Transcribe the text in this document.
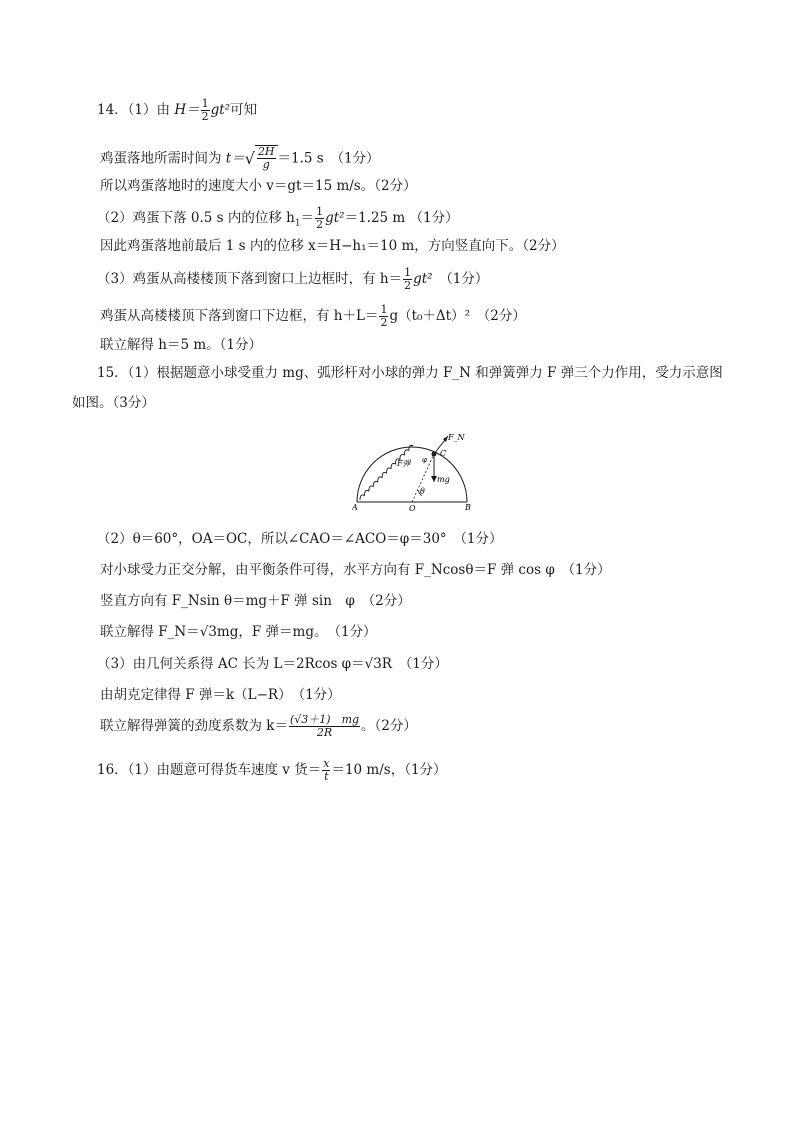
14．（1）由 $H= \frac{1}{2} gt^2$可知
鸡蛋落地所需时间为 t＝ √ $\frac{2H}{g} =1.5$ s　（1分）
所以鸡蛋落地时的速度大小 v＝gt＝15 m/s。（2分）
（2）鸡蛋下落 0.5 s 内的位移 $h_1= \frac{1}{2} gt^2=1.25$ m （1分）
因此鸡蛋落地前最后 1 s 内的位移 x＝H−h₁＝10 m，方向竖直向下。（2分）
（3）鸡蛋从高楼楼顶下落到窗口上边框时，有 $h= \frac{1}{2} gt^2$　（1分）
鸡蛋从高楼楼顶下落到窗口下边框，有 $h+L= \frac{1}{2} g(t_0+\Delta t)^2$　（2分）
联立解得 h＝5 m。（1分）
15．（1）根据题意小球受重力 mg、弧形杆对小球的弹力 F_N 和弹簧弹力 F 弹三个力作用，受力示意图
如图。（3分）
F_N
F弹 φ
C
mg
θ
A	O	B
（2）θ＝60°，OA＝OC，所以∠CAO＝∠ACO＝φ＝30°　（1分）
对小球受力正交分解，由平衡条件可得，水平方向有 F_Ncosθ＝F 弹 cos φ　（1分）
竖直方向有 F_Nsin θ＝mg＋F 弹 sin　φ　（2分）
联立解得 F_N＝√3mg，F 弹＝mg。　（1分）
（3）由几何关系得 AC 长为 L＝2Rcos φ＝√3R　（1分）
由胡克定律得 F 弹＝k（L−R）　（1分）
联立解得弹簧的劲度系数为 $k= \frac{(√3+1) mg}{2R}$ 。（2分）
16．（1）由题意可得货车速度 v 货＝ $\frac{x}{t} =10$ m/s，（1分）
